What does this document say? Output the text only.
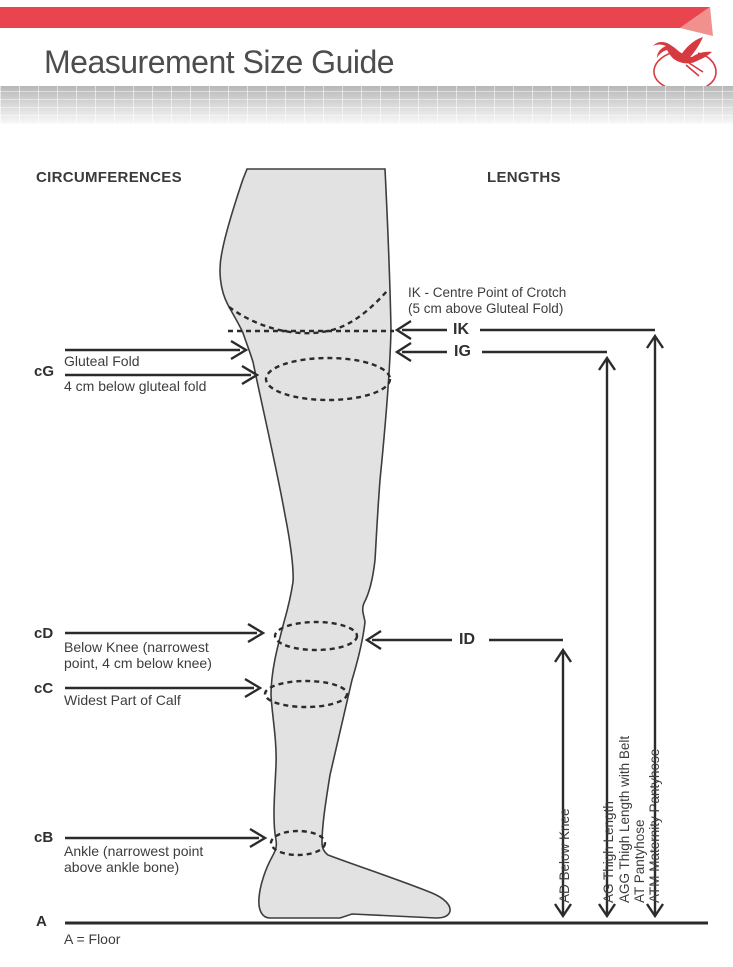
Measurement Size Guide
CIRCUMFERENCES	LENGTHS
Gluteal Fold
cG
4 cm below gluteal fold
cD
Below Knee (narrowest point, 4 cm below knee)
cC
Widest Part of Calf
cB
Ankle (narrowest point above ankle bone)
A
A = Floor
IK - Centre Point of Crotch
(5 cm above Gluteal Fold)
IK
IG
ID
AD Below Knee AG Thigh Length AGG Thigh Length with Belt AT Pantyhose ATM Maternity Pantyhose
